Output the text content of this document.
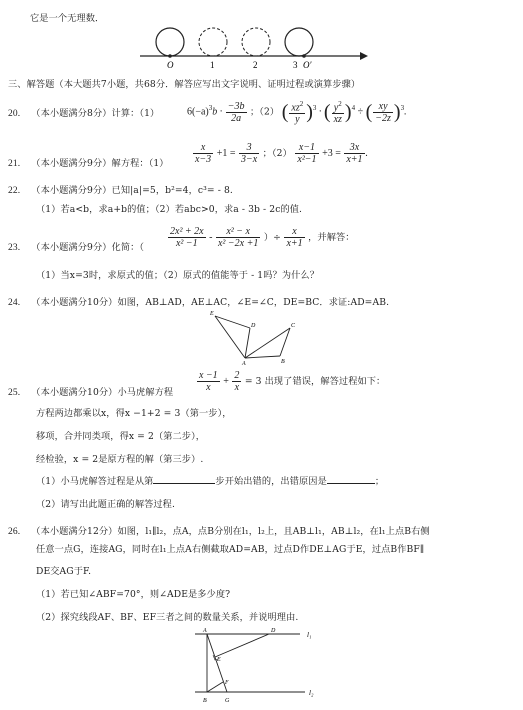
它是一个无理数．
O	1	2	3 O′
三、解答题（本大题共7小题，共68分．解答应写出文字说明、证明过程或演算步骤）
20. （本小题满分8分）计算：（1）	$6(-a)^3b \cdot \frac{-3b}{2a}$ ；（2） ( $\frac{xz^2}{y} )^3$ · ( $\frac{y^2}{xz} )^4$ ÷ ( $\frac{xy}{-2z} )^3$.
21. （本小题满分9分）解方程：$(1) \frac{x}{x-3} +1 = \frac{3}{3-x}$ ；$(2) \frac{x-1}{\text{x²−1}} +3 = \frac{3x}{x+1}$ .
22. （本小题满分9分）已知|a|=5，b²=4，c³= - 8.
（1）若a<b，求a+b的值；（2）若abc>0，求a - 3b - 2c的值.
23. （本小题满分9分）化简：（ $\frac{\text{2x² + 2x}}{\text{x² −1}} - \frac{\text{x² − x}}{\text{x² −2x +1}}$ ）÷ $\frac{x}{x+1}$ ，并解答：
（1）当x=3时，求原式的值；（2）原式的值能等于 - 1吗？为什么？
24. （本小题满分10分）如图，AB⊥AD，AE⊥AC，∠E=∠C，DE=BC．求证:AD=AB.
E
D	C
A	B
25. （本小题满分10分）小马虎解方程 $\frac{x -1}{x} + \frac{2}{x} = 3$ 出现了错误，解答过程如下：
方程两边都乘以x，得x −1+2 = 3（第一步），
移项，合并同类项，得x = 2（第二步），
经检验，x = 2是原方程的解（第三步）.
（1）小马虎解答过程是从第	步开始出错的，出错原因是	；
（2）请写出此题正确的解答过程.
26. （本小题满分12分）如图，l₁∥l₂，点A，点B分别在l₁，l₂上，且AB⊥l₁，AB⊥l₂，在l₁上点B右侧
任意一点G，连接AG，同时在l₁上点A右侧截取AD=AB，过点D作DE⊥AG于E，过点B作BF∥
DE交AG于F.
（1）若已知∠ABF=70°，则∠ADE是多少度?
（2）探究线段AF、BF、EF三者之间的数量关系，并说明理由.
A	D	l₁
E
F
l₂
B	G
